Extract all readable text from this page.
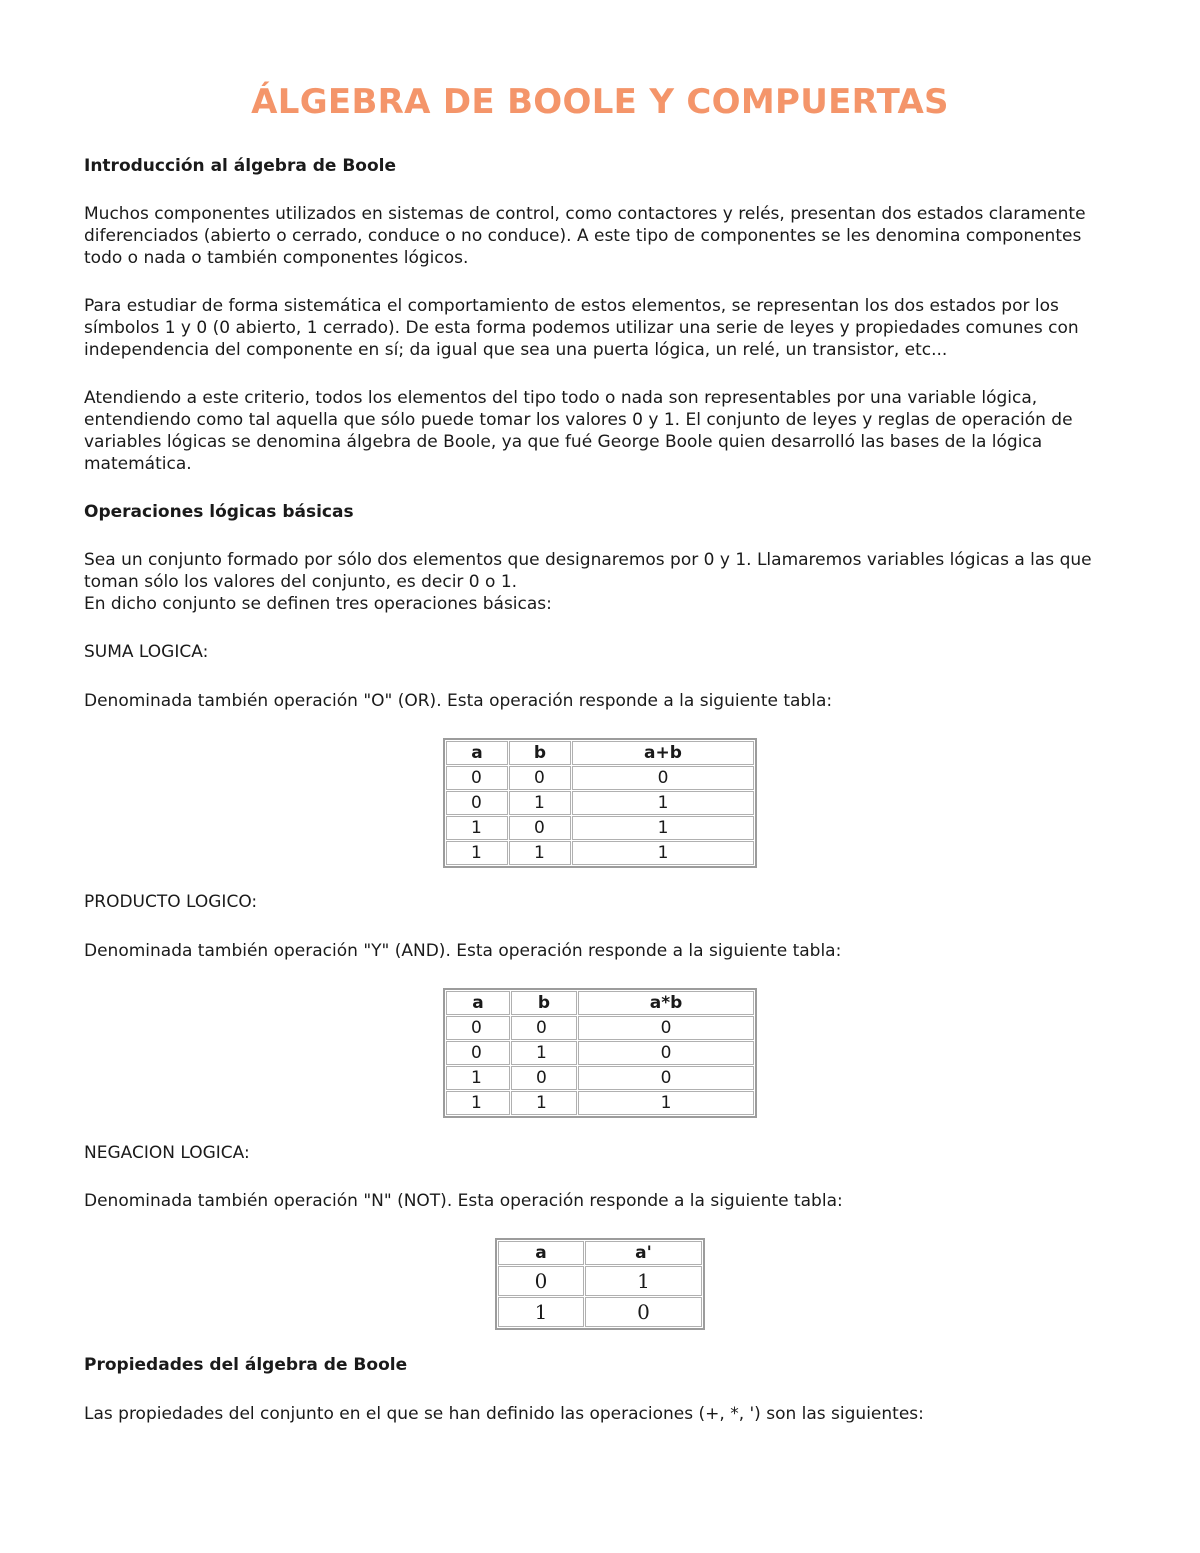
ÁLGEBRA DE BOOLE Y COMPUERTAS
Introducción al álgebra de Boole
Muchos componentes utilizados en sistemas de control, como contactores y relés, presentan dos estados claramente diferenciados (abierto o cerrado, conduce o no conduce). A este tipo de componentes se les denomina componentes todo o nada o también componentes lógicos.
Para estudiar de forma sistemática el comportamiento de estos elementos, se representan los dos estados por los símbolos 1 y 0 (0 abierto, 1 cerrado). De esta forma podemos utilizar una serie de leyes y propiedades comunes con independencia del componente en sí; da igual que sea una puerta lógica, un relé, un transistor, etc...
Atendiendo a este criterio, todos los elementos del tipo todo o nada son representables por una variable lógica, entendiendo como tal aquella que sólo puede tomar los valores 0 y 1. El conjunto de leyes y reglas de operación de variables lógicas se denomina álgebra de Boole, ya que fué George Boole quien desarrolló las bases de la lógica matemática.
Operaciones lógicas básicas

Sea un conjunto formado por sólo dos elementos que designaremos por 0 y 1. Llamaremos variables lógicas a las que toman sólo los valores del conjunto, es decir 0 o 1.

En dicho conjunto se definen tres operaciones básicas:

SUMA LOGICA:
Denominada también operación "O" (OR). Esta operación responde a la siguiente tabla:
a	b	a+b
0	0	0
0	1	1
1	0	1
1	1	1
PRODUCTO LOGICO:
Denominada también operación "Y" (AND). Esta operación responde a la siguiente tabla:
a	b	a*b
0	0	0
0	1	0
1	0	0
1	1	1
NEGACION LOGICA:
Denominada también operación "N" (NOT). Esta operación responde a la siguiente tabla:
a	a'
0	1
1	0
Propiedades del álgebra de Boole
Las propiedades del conjunto en el que se han definido las operaciones (+, *, ') son las siguientes:
